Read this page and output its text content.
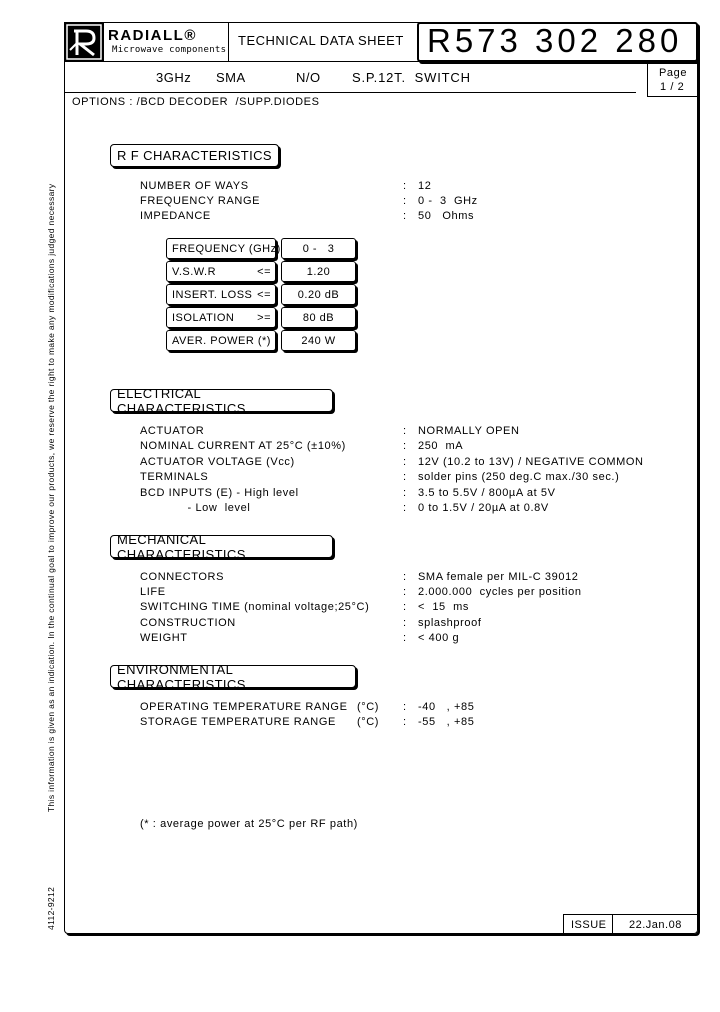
RADIALL®
Microwave components
TECHNICAL DATA SHEET R573 302 280
Page
1 / 2
3GHz SMA	N/O S.P.12T.  SWITCH
OPTIONS : /BCD DECODER  /SUPP.DIODES
R F CHARACTERISTICS
NUMBER OF WAYS	: 12
FREQUENCY RANGE	: 0 -  3  GHz
IMPEDANCE	: 50   Ohms
FREQUENCY (GHz)	0 -   3
V.S.W.R	<=	1.20
INSERT. LOSS <=	0.20 dB
ISOLATION >=	80 dB
AVER. POWER (*)	240 W
ELECTRICAL CHARACTERISTICS
ACTUATOR	: NORMALLY OPEN
NOMINAL CURRENT AT 25°C (±10%)	: 250  mA
ACTUATOR VOLTAGE (Vcc)	: 12V (10.2 to 13V) / NEGATIVE COMMON
TERMINALS	: solder pins (250 deg.C max./30 sec.)
BCD INPUTS (E) - High level	: 3.5 to 5.5V / 800µA at 5V
- Low  level	: 0 to 1.5V / 20µA at 0.8V
MECHANICAL CHARACTERISTICS
CONNECTORS	: SMA female per MIL-C 39012
LIFE	: 2.000.000  cycles per position
SWITCHING TIME (nominal voltage;25°C)	: <  15  ms
CONSTRUCTION	: splashproof
WEIGHT	: < 400 g
ENVIRONMENTAL CHARACTERISTICS
OPERATING TEMPERATURE RANGE (°C) : -40   , +85
STORAGE TEMPERATURE RANGE (°C) : -55   , +85
(* : average power at 25°C per RF path)
This information is given as an indication. In the continual goal to improve our products, we reserve the right to make any modifications judged necessary
4112-9212	ISSUE	22.Jan.08
